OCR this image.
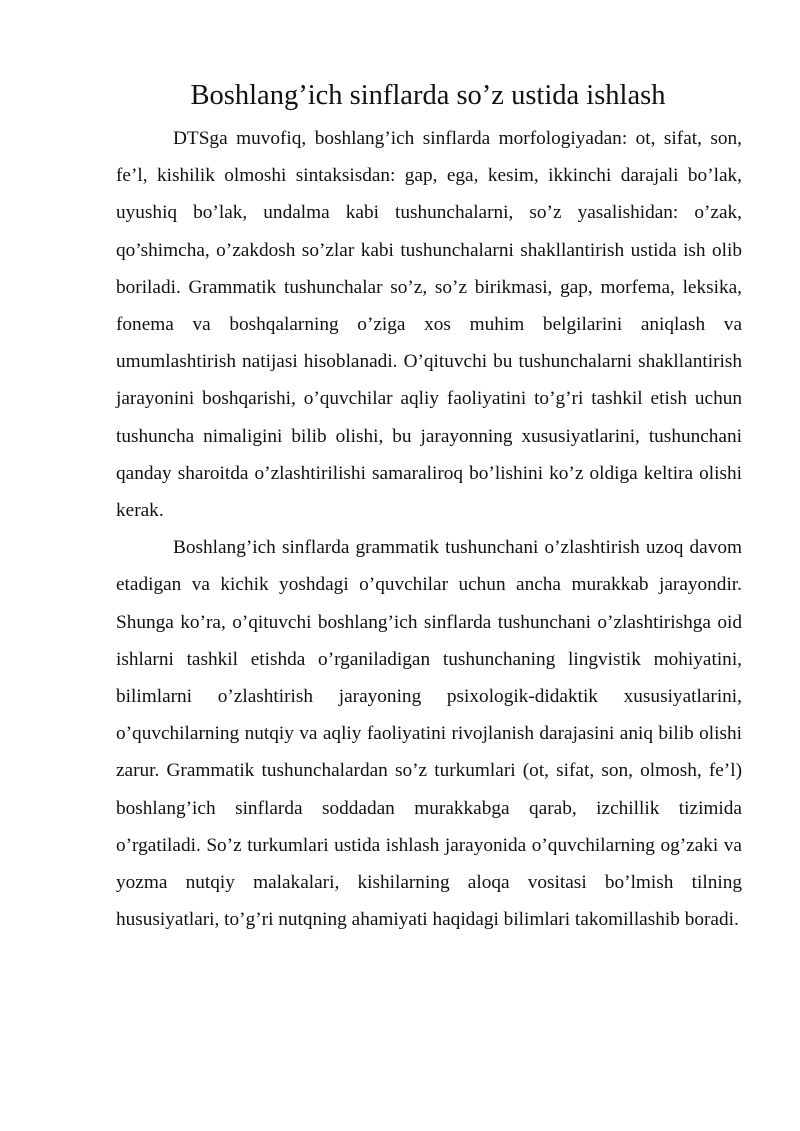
Boshlang’ich sinflarda so’z ustida ishlash

DTSga muvofiq, boshlang’ich sinflarda morfologiyadan: ot, sifat, son, fe’l, kishilik olmoshi sintaksisdan: gap, ega, kesim, ikkinchi darajali bo’lak, uyushiq bo’lak, undalma kabi tushunchalarni, so’z yasalishidan: o’zak, qo’shimcha, o’zakdosh so’zlar kabi tushunchalarni shakllantirish ustida ish olib boriladi. Grammatik tushunchalar so’z, so’z birikmasi, gap, morfema, leksika, fonema va boshqalarning o’ziga xos muhim belgilarini aniqlash va umumlashtirish natijasi hisoblanadi. O’qituvchi bu tushunchalarni shakllantirish jarayonini boshqarishi, o’quvchilar aqliy faoliyatini to’g’ri tashkil etish uchun tushuncha nimaligini bilib olishi, bu jarayonning xususiyatlarini, tushunchani qanday sharoitda o’zlashtirilishi samaraliroq bo’lishini ko’z oldiga keltira olishi kerak.

Boshlang’ich sinflarda grammatik tushunchani o’zlashtirish uzoq davom etadigan va kichik yoshdagi o’quvchilar uchun ancha murakkab jarayondir. Shunga ko’ra, o’qituvchi boshlang’ich sinflarda tushunchani o’zlashtirishga oid ishlarni tashkil etishda o’rganiladigan tushunchaning lingvistik mohiyatini, bilimlarni o’zlashtirish jarayoning psixologik-didaktik xususiyatlarini, o’quvchilarning nutqiy va aqliy faoliyatini rivojlanish darajasini aniq bilib olishi zarur. Grammatik tushunchalardan so’z turkumlari (ot, sifat, son, olmosh, fe’l) boshlang’ich sinflarda soddadan murakkabga qarab, izchillik tizimida o’rgatiladi. So’z turkumlari ustida ishlash jarayonida o’quvchilarning og’zaki va yozma nutqiy malakalari, kishilarning aloqa vositasi bo’lmish tilning hususiyatlari, to’g’ri nutqning ahamiyati haqidagi bilimlari takomillashib boradi.
